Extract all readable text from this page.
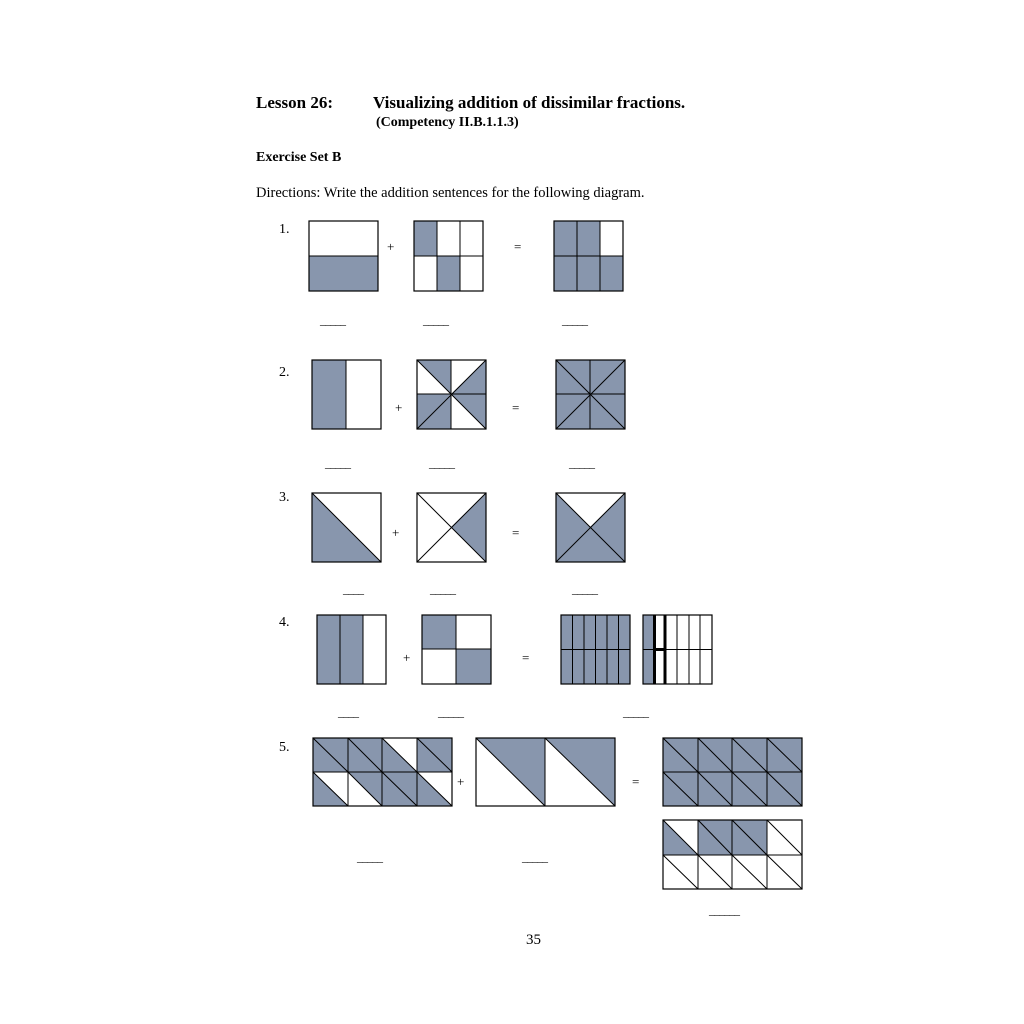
Lesson 26: Visualizing addition of dissimilar fractions.
(Competency II.B.1.1.3)
Exercise Set B
Directions: Write the addition sentences for the following diagram.
1.
+	=
_____	_____	_____
2.
+	=
_____	_____	_____
3.
+	=
____	_____	_____
4.
+	=
____	_____	_____
5.
+	=
_____	_____
______
35
